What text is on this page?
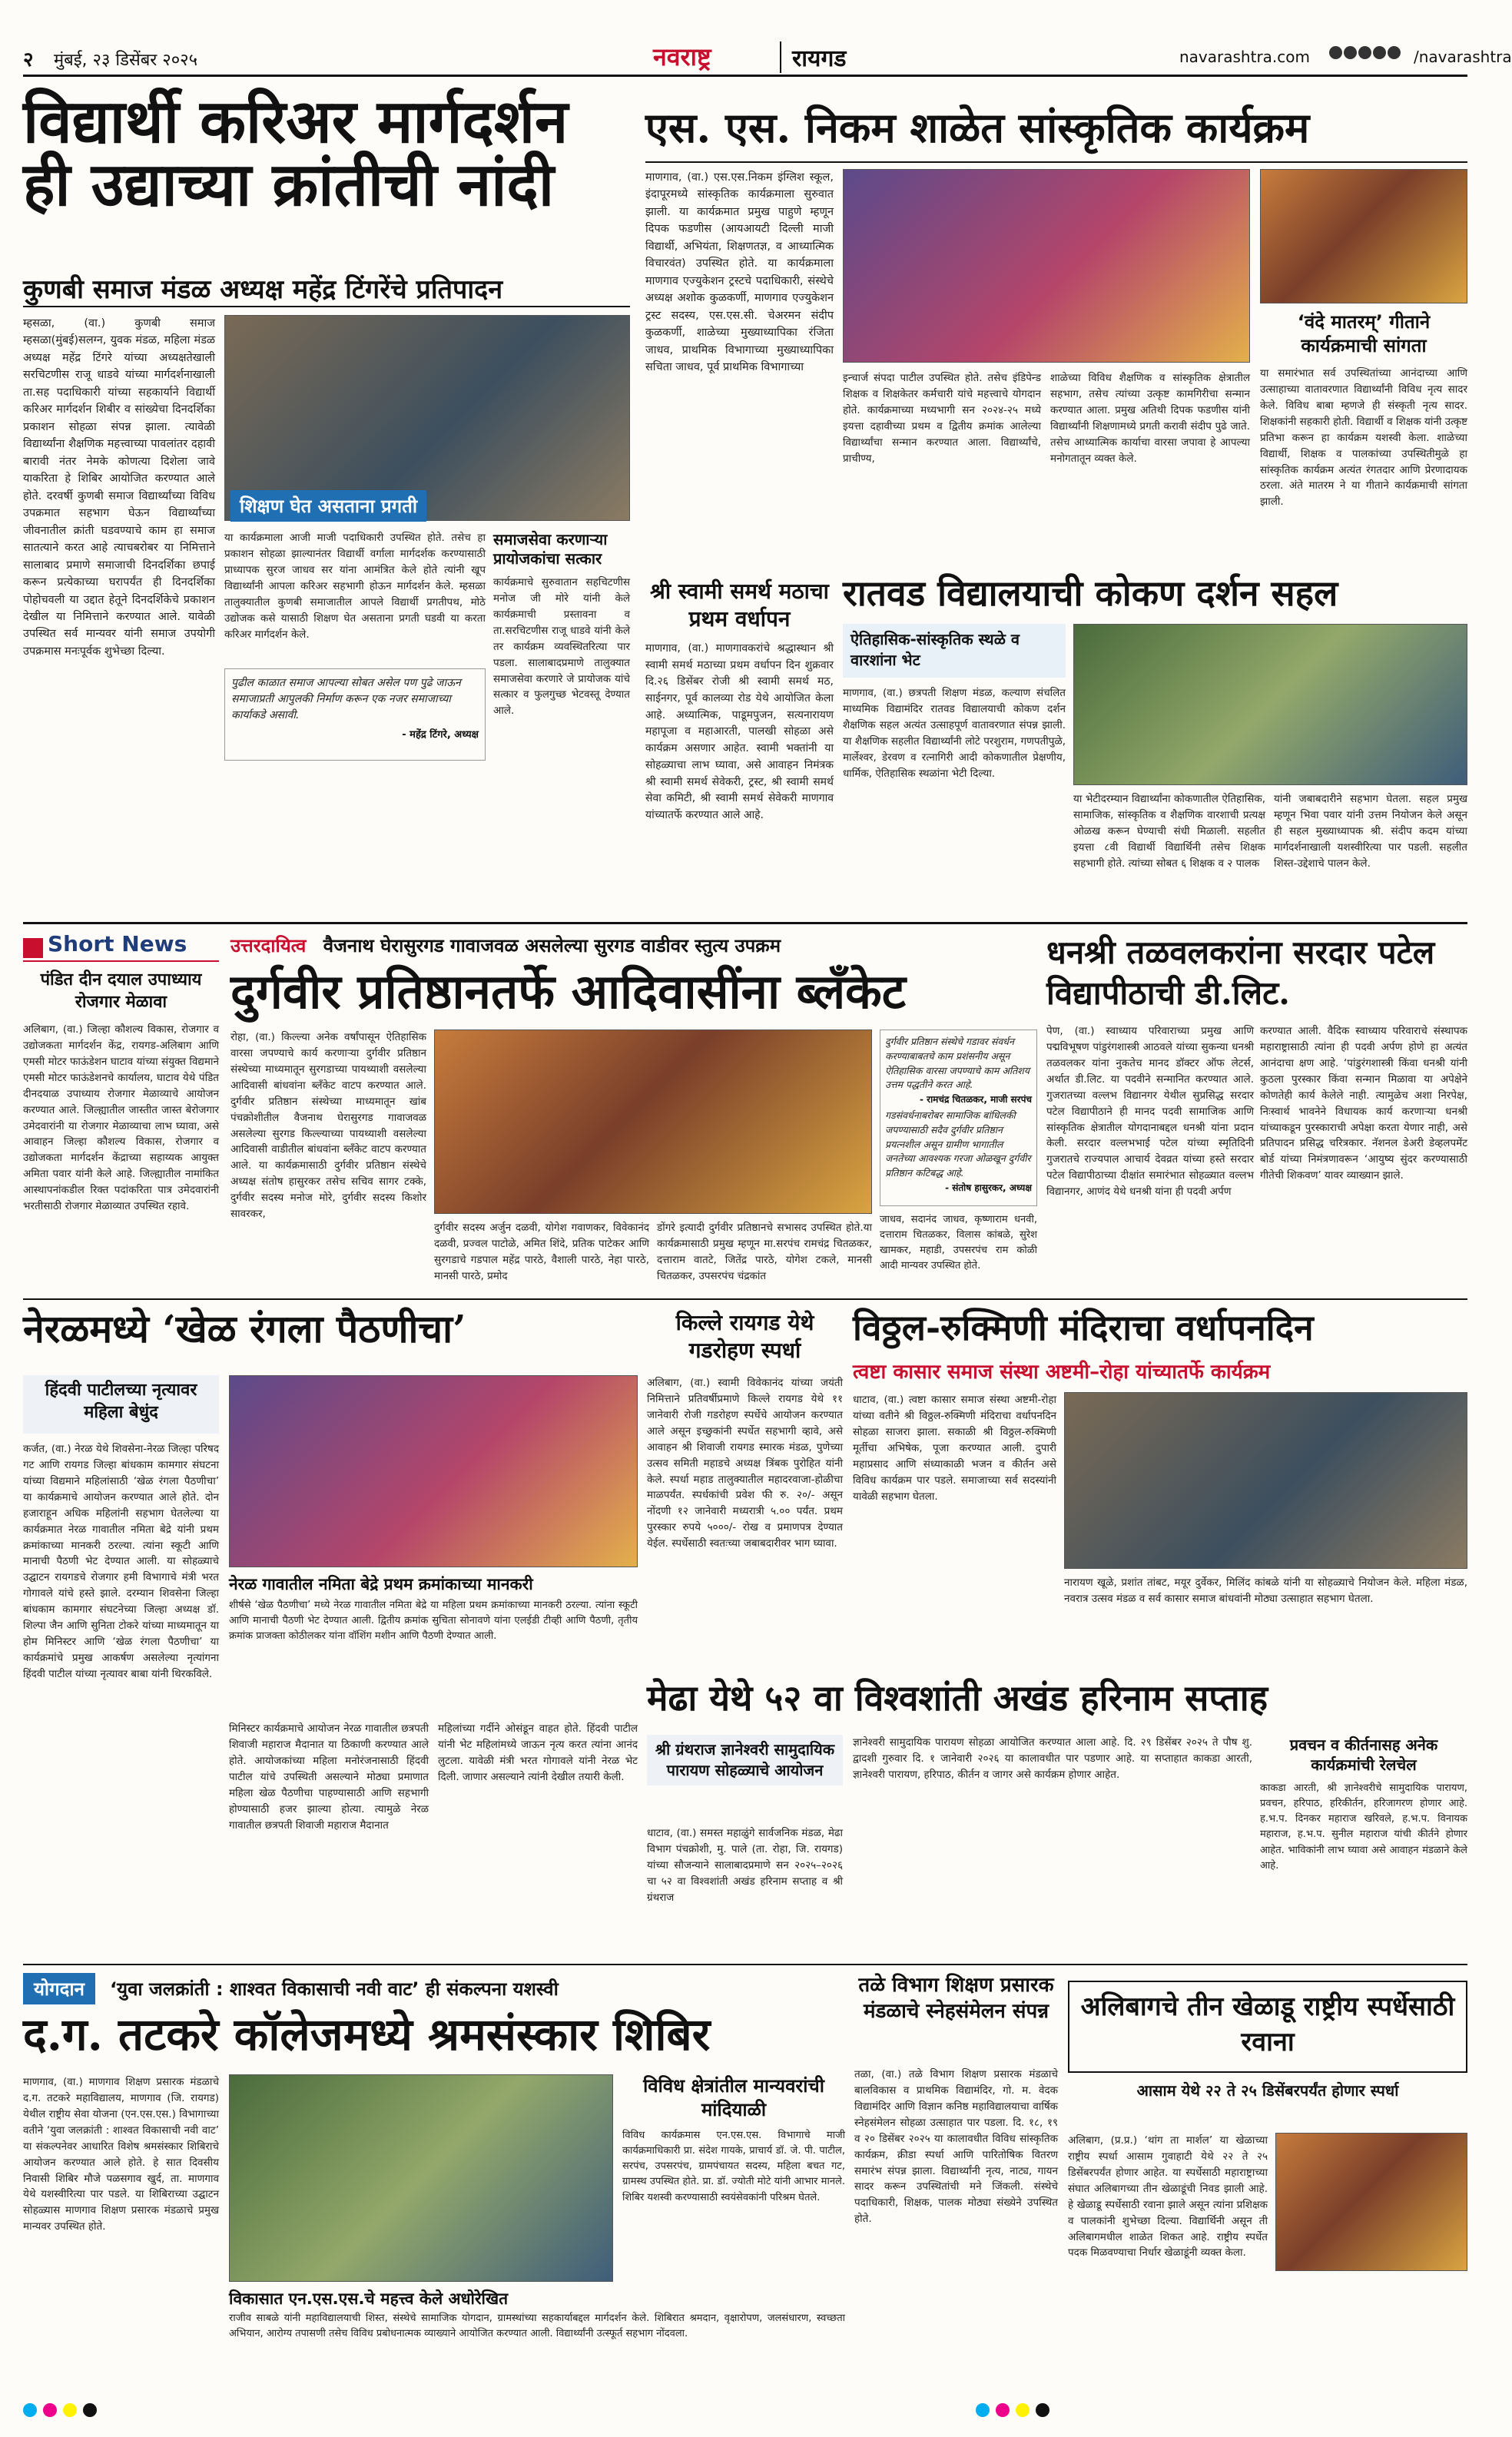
२ मुंबई, २३ डिसेंबर २०२५	नवराष्ट्र	रायगड	navarashtra.com	/navarashtra
विद्यार्थी करिअर मार्गदर्शन
ही उद्याच्या क्रांतीची नांदी
कुणबी समाज मंडळ अध्यक्ष महेंद्र टिंगरेंचे प्रतिपादन
म्हसळा, (वा.) कुणबी समाज म्हसळा(मुंबई)सलग्न, युवक मंडळ, महिला मंडळ अध्यक्ष महेंद्र टिंगरे यांच्या अध्यक्षतेखाली सरचिटणीस राजू धाडवे यांच्या मार्गदर्शनाखाली ता.सह पदाधिकारी यांच्या सहकार्याने विद्यार्थी करिअर मार्गदर्शन शिबीर व सांख्येचा दिनदर्शिका प्रकाशन सोहळा संपन्न झाला. त्यावेळी विद्यार्थ्यांना शैक्षणिक महत्त्वाच्या पावलांतर दहावी बारावी नंतर नेमके कोणत्या दिशेला जावे याकरिता हे शिबिर आयोजित करण्यात आले होते. दरवर्षी कुणबी समाज विद्यार्थ्यांच्या विविध उपक्रमात सहभाग घेऊन विद्यार्थ्यांच्या जीवनातील क्रांती घडवण्याचे काम हा समाज सातत्याने करत आहे त्याचबरोबर या निमित्ताने सालाबाद प्रमाणे समाजाची दिनदर्शिका छपाई करून प्रत्येकाच्या घरापर्यंत ही दिनदर्शिका पोहोचवली या उद्दात हेतूने दिनदर्शिकेचे प्रकाशन देखील या निमित्ताने करण्यात आले. यावेळी उपस्थित सर्व मान्यवर यांनी समाज उपयोगी उपक्रमास मनःपूर्वक शुभेच्छा दिल्या.
शिक्षण घेत असताना प्रगती
या कार्यक्रमाला आजी माजी पदाधिकारी उपस्थित होते. तसेच हा प्रकाशन सोहळा झाल्यानंतर विद्यार्थी वर्गाला मार्गदर्शक करण्यासाठी प्राध्यापक सुरज जाधव सर यांना आमंत्रित केले होते त्यांनी खूप विद्यार्थ्यांनी आपला करिअर सहभागी होऊन मार्गदर्शन केले. म्हसळा तालुक्यातील कुणबी समाजातील आपले विद्यार्थी प्रगतीपथ, मोठे उद्योजक कसे यासाठी शिक्षण घेत असताना प्रगती घडवी या करता करिअर मार्गदर्शन केले.
पुढील काळात समाज आपल्या सोबत असेल पण पुढे जाऊन समाजाप्रती आपुलकी निर्माण करून एक नजर समाजाच्या कार्याकडे असावी.
- महेंद्र टिंगरे, अध्यक्ष
समाजसेवा करणाऱ्या प्रायोजकांचा सत्कार
कार्यक्रमाचे सुरुवातान सहचिटणीस मनोज जी मोरे यांनी केले कार्यक्रमाची प्रस्तावना व ता.सरचिटणीस राजू धाडवे यांनी केले तर कार्यक्रम व्यवस्थितरित्या पार पडला. सालाबादप्रमाणे तालुक्यात समाजसेवा करणारे जे प्रायोजक यांचे सत्कार व फुलगुच्छ भेटवस्तू देण्यात आले.
एस. एस. निकम शाळेत सांस्कृतिक कार्यक्रम
माणगाव, (वा.) एस.एस.निकम इंग्लिश स्कूल, इंदापूरमध्ये सांस्कृतिक कार्यक्रमाला सुरुवात झाली. या कार्यक्रमात प्रमुख पाहुणे म्हणून दिपक फडणीस (आयआयटी दिल्ली माजी विद्यार्थी, अभियंता, शिक्षणतज्ञ, व आध्यात्मिक विचारवंत) उपस्थित होते. या कार्यक्रमाला माणगाव एज्युकेशन ट्रस्टचे पदाधिकारी, संस्थेचे अध्यक्ष अशोक कुळकर्णी, माणगाव एज्युकेशन ट्रस्ट सदस्य, एस.एस.सी. चेअरमन संदीप कुळकर्णी, शाळेच्या मुख्याध्यापिका रंजिता जाधव, प्राथमिक विभागाच्या मुख्याध्यापिका सचिता जाधव, पूर्व प्राथमिक विभागाच्या
इन्चार्ज संपदा पाटील उपस्थित होते. तसेच इंडिपेन्ड शिक्षक व शिक्षकेतर कर्मचारी यांचे महत्त्वाचे योगदान होते. कार्यक्रमाच्या मध्यभागी सन २०२४-२५ मध्ये इयत्ता दहावीच्या प्रथम व द्वितीय क्रमांक आलेल्या विद्यार्थ्यांचा सन्मान करण्यात आला. विद्यार्थ्यांचे, प्राचीण्य,
शाळेच्या विविध शैक्षणिक व सांस्कृतिक क्षेत्रातील सहभाग, तसेच त्यांच्या उत्कृष्ट कामगिरीचा सन्मान करण्यात आला. प्रमुख अतिथी दिपक फडणीस यांनी विद्यार्थ्यांनी शिक्षणामध्ये प्रगती करावी संदीप पुढे जाते. तसेच आध्यात्मिक कार्याचा वारसा जपावा हे आपल्या मनोगतातून व्यक्त केले.
‘वंदे मातरम्’ गीताने कार्यक्रमाची सांगता
या समारंभात सर्व उपस्थितांच्या आनंदाच्या आणि उत्साहाच्या वातावरणात विद्यार्थ्यांनी विविध नृत्य सादर केले. विविध बाबा म्हणजे ही संस्कृती नृत्य सादर. शिक्षकांनी सहकारी होती. विद्यार्थी व शिक्षक यांनी उत्कृष्ट प्रतिभा करून हा कार्यक्रम यशस्वी केला. शाळेच्या विद्यार्थी, शिक्षक व पालकांच्या उपस्थितीमुळे हा सांस्कृतिक कार्यक्रम अत्यंत रंगतदार आणि प्रेरणादायक ठरला. अंते मातरम ने या गीताने कार्यक्रमाची सांगता झाली.
श्री स्वामी समर्थ मठाचा प्रथम वर्धापन
माणगाव, (वा.) माणगावकरांचे श्रद्धास्थान श्री स्वामी समर्थ मठाच्या प्रथम वर्धापन दिन शुक्रवार दि.२६ डिसेंबर रोजी श्री स्वामी समर्थ मठ, साईनगर, पूर्व कालव्या रोड येथे आयोजित केला आहे. अध्यात्मिक, पाडूमपुजन, सत्यनारायण महापूजा व महाआरती, पालखी सोहळा असे कार्यक्रम असणार आहेत. स्वामी भक्तांनी या सोहळ्याचा लाभ घ्यावा, असे आवाहन निमंत्रक श्री स्वामी समर्थ सेवेकरी, ट्रस्ट, श्री स्वामी समर्थ सेवा कमिटी, श्री स्वामी समर्थ सेवेकरी माणगाव यांच्यातर्फे करण्यात आले आहे.
रातवड विद्यालयाची कोकण दर्शन सहल
ऐतिहासिक-सांस्कृतिक स्थळे व वारशांना भेट
माणगाव, (वा.) छत्रपती शिक्षण मंडळ, कल्याण संचलित माध्यमिक विद्यामंदिर रातवड विद्यालयाची कोकण दर्शन शैक्षणिक सहल अत्यंत उत्साहपूर्ण वातावरणात संपन्न झाली. या शैक्षणिक सहलीत विद्यार्थ्यांनी लोटे परशुराम, गणपतीपुळे, मार्लेश्वर, डेरवण व रत्नागिरी आदी कोकणातील प्रेक्षणीय, धार्मिक, ऐतिहासिक स्थळांना भेटी दिल्या.
या भेटीदरम्यान विद्यार्थ्यांना कोकणातील ऐतिहासिक, सामाजिक, सांस्कृतिक व शैक्षणिक वारशाची प्रत्यक्ष ओळख करून घेण्याची संधी मिळाली. सहलीत इयत्ता ८वी विद्यार्थी विद्यार्थिनी तसेच शिक्षक सहभागी होते. त्यांच्या सोबत ६ शिक्षक व २ पालक
यांनी जबाबदारीने सहभाग घेतला. सहल प्रमुख म्हणून भिवा पवार यांनी उत्तम नियोजन केले असून ही सहल मुख्याध्यापक श्री. संदीप कदम यांच्या मार्गदर्शनाखाली यशस्वीरित्या पार पडली. सहलीत शिस्त-उद्देशाचे पालन केले.
Short News
पंडित दीन दयाल उपाध्याय रोजगार मेळावा
अलिबाग, (वा.) जिल्हा कौशल्य विकास, रोजगार व उद्योजकता मार्गदर्शन केंद्र, रायगड-अलिबाग आणि एमसी मोटर फाऊंडेशन घाटाव यांच्या संयुक्त विद्यमाने एमसी मोटर फाऊंडेशनचे कार्यालय, घाटाव येथे पंडित दीनदयाळ उपाध्याय रोजगार मेळाव्याचे आयोजन करण्यात आले. जिल्ह्यातील जास्तीत जास्त बेरोजगार उमेदवारांनी या रोजगार मेळाव्याचा लाभ घ्यावा, असे आवाहन जिल्हा कौशल्य विकास, रोजगार व उद्योजकता मार्गदर्शन केंद्राच्या सहाय्यक आयुक्त अमिता पवार यांनी केले आहे. जिल्ह्यातील नामांकित आस्थापनांकडील रिक्त पदांकरिता पात्र उमेदवारांनी भरतीसाठी रोजगार मेळाव्यात उपस्थित रहावे.
उत्तरदायित्व वैजनाथ घेरासुरगड गावाजवळ असलेल्या सुरगड वाडीवर स्तुत्य उपक्रम
दुर्गवीर प्रतिष्ठानतर्फे आदिवासींना ब्लँकेट
रोहा, (वा.) किल्ल्या अनेक वर्षांपासून ऐतिहासिक वारसा जपण्याचे कार्य करणाऱ्या दुर्गवीर प्रतिष्ठान संस्थेच्या माध्यमातून सुरगडाच्या पायथ्याशी वसलेल्या आदिवासी बांधवांना ब्लँकेट वाटप करण्यात आले. दुर्गवीर प्रतिष्ठान संस्थेच्या माध्यमातून खांब पंचक्रोशीतील वैजनाथ घेरासुरगड गावाजवळ असलेल्या सुरगड किल्ल्याच्या पायथ्याशी वसलेल्या आदिवासी वाडीतील बांधवांना ब्लँकेट वाटप करण्यात आले. या कार्यक्रमासाठी दुर्गवीर प्रतिष्ठान संस्थेचे अध्यक्ष संतोष हासुरकर तसेच सचिव सागर टक्के, दुर्गवीर सदस्य मनोज मोरे, दुर्गवीर सदस्य किशोर सावरकर,
दुर्गवीर सदस्य अर्जुन दळवी, योगेश गवाणकर, विवेकानंद दळवी, प्रज्वल पाटोळे, अमित शिंदे, प्रतिक पाटेकर आणि सुरगडाचे गडपाल महेंद्र पारठे, वैशाली पारठे, नेहा पारठे, मानसी पारठे, प्रमोद
डोंगरे इत्यादी दुर्गवीर प्रतिष्ठानचे सभासद उपस्थित होते.या कार्यक्रमासाठी प्रमुख म्हणून मा.सरपंच रामचंद्र चितळकर, दत्ताराम वातटे, जितेंद्र पारठे, योगेश टकले, मानसी चितळकर, उपसरपंच चंद्रकांत
दुर्गवीर प्रतिष्ठान संस्थेचे गडावर संवर्धन करण्याबाबतचे काम प्रशंसनीय असून ऐतिहासिक वारसा जपण्याचे काम अतिशय उत्तम पद्धतीने करत आहे.
- रामचंद्र चितळकर, माजी सरपंच
गडसंवर्धनाबरोबर सामाजिक बांधिलकी जपण्यासाठी सदैव दुर्गवीर प्रतिष्ठान प्रयत्नशील असून ग्रामीण भागातील जनतेच्या आवश्यक गरजा ओळखून दुर्गवीर प्रतिष्ठान कटिबद्ध आहे.
- संतोष हासुरकर, अध्यक्ष
जाधव, सदानंद जाधव, कृष्णाराम धनवी, दत्ताराम चितळकर, विलास कांबळे, सुरेश खामकर, महाडी, उपसरपंच राम कोळी आदी मान्यवर उपस्थित होते.
धनश्री तळवलकरांना सरदार पटेल विद्यापीठाची डी.लिट.
पेण, (वा.) स्वाध्याय परिवाराच्या प्रमुख आणि पद्मविभूषण पांडुरंगशास्त्री आठवले यांच्या सुकन्या धनश्री तळवलकर यांना नुकतेच मानद डॉक्टर ऑफ लेटर्स, अर्थात डी.लिट. या पदवीने सन्मानित करण्यात आले. गुजरातच्या वल्लभ विद्यानगर येथील सुप्रसिद्ध सरदार पटेल विद्यापीठाने ही मानद पदवी सामाजिक आणि सांस्कृतिक क्षेत्रातील योगदानाबद्दल धनश्री यांना प्रदान केली. सरदार वल्लभभाई पटेल यांच्या स्मृतिदिनी गुजरातचे राज्यपाल आचार्य देवव्रत यांच्या हस्ते सरदार पटेल विद्यापीठाच्या दीक्षांत समारंभात सोहळ्यात वल्लभ विद्यानगर, आणंद येथे धनश्री यांना ही पदवी अर्पण
करण्यात आली. वैदिक स्वाध्याय परिवाराचे संस्थापक महाराष्ट्रासाठी त्यांना ही पदवी अर्पण होणे हा अत्यंत आनंदाचा क्षण आहे. ‘पांडुरंगशास्त्री किंवा धनश्री यांनी कुठला पुरस्कार किंवा सन्मान मिळावा या अपेक्षेने कोणतेही कार्य केलेले नाही. त्यामुळेच अशा निरपेक्ष, निःस्वार्थ भावनेने विधायक कार्य करणाऱ्या धनश्री यांच्याकडून पुरस्काराची अपेक्षा करता येणार नाही, असे प्रतिपादन प्रसिद्ध चरित्रकार. नॅशनल डेअरी डेव्हलपमेंट बोर्ड यांच्या निमंत्रणावरून ‘आयुष्य सुंदर करण्यासाठी गीतेची शिकवण’ यावर व्याख्यान झाले.
नेरळमध्ये ‘खेळ रंगला पैठणीचा’
हिंदवी पाटीलच्या नृत्यावर महिला बेधुंद
कर्जत, (वा.) नेरळ येथे शिवसेना-नेरळ जिल्हा परिषद गट आणि रायगड जिल्हा बांधकाम कामगार संघटना यांच्या विद्यमाने महिलांसाठी ‘खेळ रंगला पैठणीचा’ या कार्यक्रमाचे आयोजन करण्यात आले होते. दोन हजाराहून अधिक महिलांनी सहभाग घेतलेल्या या कार्यक्रमात नेरळ गावातील नमिता बेद्रे यांनी प्रथम क्रमांकाच्या मानकरी ठरल्या. त्यांना स्कूटी आणि मानाची पैठणी भेट देण्यात आली. या सोहळ्याचे उद्घाटन रायगडचे रोजगार हमी विभागाचे मंत्री भरत गोगावले यांचे हस्ते झाले. दरम्यान शिवसेना जिल्हा बांधकाम कामगार संघटनेच्या जिल्हा अध्यक्ष डॉ. शिल्पा जैन आणि सुनिता टोकरे यांच्या माध्यमातून या होम मिनिस्टर आणि ‘खेळ रंगला पैठणीचा’ या कार्यक्रमांचे प्रमुख आकर्षण असलेल्या नृत्यांगना हिंदवी पाटील यांच्या नृत्यावर बाबा यांनी थिरकविले.
नेरळ गावातील नमिता बेद्रे प्रथम क्रमांकाच्या मानकरी
शीर्षसे ‘खेळ पैठणीचा’ मध्ये नेरळ गावातील नमिता बेद्रे या महिला प्रथम क्रमांकाच्या मानकरी ठरल्या. त्यांना स्कूटी आणि मानाची पैठणी भेट देण्यात आली. द्वितीय क्रमांक सुचिता सोनावणे यांना एलईडी टीव्ही आणि पैठणी, तृतीय क्रमांक प्राजक्ता कोठीलकर यांना वॉशिंग मशीन आणि पैठणी देण्यात आली.
मिनिस्टर कार्यक्रमाचे आयोजन नेरळ गावातील छत्रपती शिवाजी महाराज मैदानात या ठिकाणी करण्यात आले होते. आयोजकांच्या महिला मनोरंजनासाठी हिंदवी पाटील यांचे उपस्थिती असल्याने मोठ्या प्रमाणात महिला खेळ पैठणीचा पाहण्यासाठी आणि सहभागी होण्यासाठी हजर झाल्या होत्या. त्यामुळे नेरळ गावातील छत्रपती शिवाजी महाराज मैदानात
महिलांच्या गर्दीने ओसंडून वाहत होते. हिंदवी पाटील यांनी भेट महिलांमध्ये जाऊन नृत्य करत त्यांना आनंद लुटला. यावेळी मंत्री भरत गोगावले यांनी नेरळ भेट दिली. जाणार असल्याने त्यांनी देखील तयारी केली.
किल्ले रायगड येथे गडरोहण स्पर्धा
अलिबाग, (वा.) स्वामी विवेकानंद यांच्या जयंती निमित्ताने प्रतिवर्षीप्रमाणे किल्ले रायगड येथे ११ जानेवारी रोजी गडरोहण स्पर्धेचे आयोजन करण्यात आले असून इच्छुकांनी स्पर्धेत सहभागी व्हावे, असे आवाहन श्री शिवाजी रायगड स्मारक मंडळ, पुणेच्या उत्सव समिती महाडचे अध्यक्ष त्रिंबक पुरोहित यांनी केले. स्पर्धा महाड तालुक्यातील महादरवाजा-होळीचा माळपर्यंत. स्पर्धकांची प्रवेश फी रु. २०/- असून नोंदणी १२ जानेवारी मध्यरात्री ५.०० पर्यंत. प्रथम पुरस्कार रुपये ५०००/- रोख व प्रमाणपत्र देण्यात येईल. स्पर्धेसाठी स्वतःच्या जबाबदारीवर भाग घ्यावा.
विठ्ठल-रुक्मिणी मंदिराचा वर्धापनदिन
त्वष्टा कासार समाज संस्था अष्टमी–रोहा यांच्यातर्फे कार्यक्रम
धाटाव, (वा.) त्वष्टा कासार समाज संस्था अष्टमी-रोहा यांच्या वतीने श्री विठ्ठल-रुक्मिणी मंदिराचा वर्धापनदिन सोहळा साजरा झाला. सकाळी श्री विठ्ठल-रुक्मिणी मूर्तीचा अभिषेक, पूजा करण्यात आली. दुपारी महाप्रसाद आणि संध्याकाळी भजन व कीर्तन असे विविध कार्यक्रम पार पडले. समाजाच्या सर्व सदस्यांनी यावेळी सहभाग घेतला.
नारायण खूळे, प्रशांत तांबट, मयूर दुर्वेकर, मिलिंद कांबळे यांनी या सोहळ्याचे नियोजन केले. महिला मंडळ, नवरात्र उत्सव मंडळ व सर्व कासार समाज बांधवांनी मोठ्या उत्साहात सहभाग घेतला.
मेढा येथे ५२ वा विश्वशांती अखंड हरिनाम सप्ताह
श्री ग्रंथराज ज्ञानेश्वरी सामुदायिक पारायण सोहळ्याचे आयोजन
धाटाव, (वा.) समस्त महाळुंगे सार्वजनिक मंडळ, मेढा विभाग पंचक्रोशी, मु. पाले (ता. रोहा, जि. रायगड) यांच्या सौजन्याने सालाबादप्रमाणे सन २०२५–२०२६ चा ५२ वा विश्वशांती अखंड हरिनाम सप्ताह व श्री ग्रंथराज
ज्ञानेश्वरी सामुदायिक पारायण सोहळा आयोजित करण्यात आला आहे. दि. २९ डिसेंबर २०२५ ते पौष शु. द्वादशी गुरुवार दि. १ जानेवारी २०२६ या कालावधीत पार पडणार आहे. या सप्ताहात काकडा आरती, ज्ञानेश्वरी पारायण, हरिपाठ, कीर्तन व जागर असे कार्यक्रम होणार आहेत.
प्रवचन व कीर्तनासह अनेक कार्यक्रमांची रेलचेल
काकडा आरती, श्री ज्ञानेश्वरीचे सामुदायिक पारायण, प्रवचन, हरिपाठ, हरिकीर्तन, हरिजागरण होणार आहे. ह.भ.प. दिनकर महाराज खरिवले, ह.भ.प. विनायक महाराज, ह.भ.प. सुनील महाराज यांची कीर्तने होणार आहेत. भाविकांनी लाभ घ्यावा असे आवाहन मंडळाने केले आहे.
योगदान ‘युवा जलक्रांती : शाश्वत विकासाची नवी वाट’ ही संकल्पना यशस्वी
द.ग. तटकरे कॉलेजमध्ये श्रमसंस्कार शिबिर
माणगाव, (वा.) माणगाव शिक्षण प्रसारक मंडळाचे द.ग. तटकरे महाविद्यालय, माणगाव (जि. रायगड) येथील राष्ट्रीय सेवा योजना (एन.एस.एस.) विभागाच्या वतीने ‘युवा जलक्रांती : शाश्वत विकासाची नवी वाट’ या संकल्पनेवर आधारित विशेष श्रमसंस्कार शिबिराचे आयोजन करण्यात आले होते. हे सात दिवसीय निवासी शिबिर मौजे पळसगाव खुर्द, ता. माणगाव येथे यशस्वीरित्या पार पडले. या शिबिराच्या उद्घाटन सोहळ्यास माणगाव शिक्षण प्रसारक मंडळाचे प्रमुख मान्यवर उपस्थित होते.
विकासात एन.एस.एस.चे महत्त्व केले अधोरेखित
राजीव साबळे यांनी महाविद्यालयाची शिस्त, संस्थेचे सामाजिक योगदान, ग्रामस्थांच्या सहकार्याबद्दल मार्गदर्शन केले. शिबिरात श्रमदान, वृक्षारोपण, जलसंधारण, स्वच्छता अभियान, आरोग्य तपासणी तसेच विविध प्रबोधनात्मक व्याख्याने आयोजित करण्यात आली. विद्यार्थ्यांनी उत्स्फूर्त सहभाग नोंदवला.
विविध क्षेत्रांतील मान्यवरांची मांदियाळी
विविध कार्यक्रमास एन.एस.एस. विभागाचे माजी कार्यक्रमाधिकारी प्रा. संदेश गायके, प्राचार्य डॉ. जे. पी. पाटील, सरपंच, उपसरपंच, ग्रामपंचायत सदस्य, महिला बचत गट, ग्रामस्थ उपस्थित होते. प्रा. डॉ. ज्योती मोटे यांनी आभार मानले. शिबिर यशस्वी करण्यासाठी स्वयंसेवकांनी परिश्रम घेतले.
तळे विभाग शिक्षण प्रसारक मंडळाचे स्नेहसंमेलन संपन्न
तळा, (वा.) तळे विभाग शिक्षण प्रसारक मंडळाचे बालविकास व प्राथमिक विद्यामंदिर, गो. म. वेदक विद्यामंदिर आणि विज्ञान कनिष्ठ महाविद्यालयाचा वार्षिक स्नेहसंमेलन सोहळा उत्साहात पार पडला. दि. १८, १९ व २० डिसेंबर २०२५ या कालावधीत विविध सांस्कृतिक कार्यक्रम, क्रीडा स्पर्धा आणि पारितोषिक वितरण समारंभ संपन्न झाला. विद्यार्थ्यांनी नृत्य, नाट्य, गायन सादर करून उपस्थितांची मने जिंकली. संस्थेचे पदाधिकारी, शिक्षक, पालक मोठ्या संख्येने उपस्थित होते.
अलिबागचे तीन खेळाडू राष्ट्रीय स्पर्धेसाठी रवाना
आसाम येथे २२ ते २५ डिसेंबरपर्यंत होणार स्पर्धा
अलिबाग, (प्र.प्र.) ‘थांग ता मार्शल’ या खेळाच्या राष्ट्रीय स्पर्धा आसाम गुवाहाटी येथे २२ ते २५ डिसेंबरपर्यंत होणार आहेत. या स्पर्धेसाठी महाराष्ट्राच्या संघात अलिबागच्या तीन खेळाडूंची निवड झाली आहे. हे खेळाडू स्पर्धेसाठी रवाना झाले असून त्यांना प्रशिक्षक व पालकांनी शुभेच्छा दिल्या. विद्यार्थिनी असून ती अलिबागमधील शाळेत शिकत आहे. राष्ट्रीय स्पर्धेत पदक मिळवण्याचा निर्धार खेळाडूंनी व्यक्त केला.
